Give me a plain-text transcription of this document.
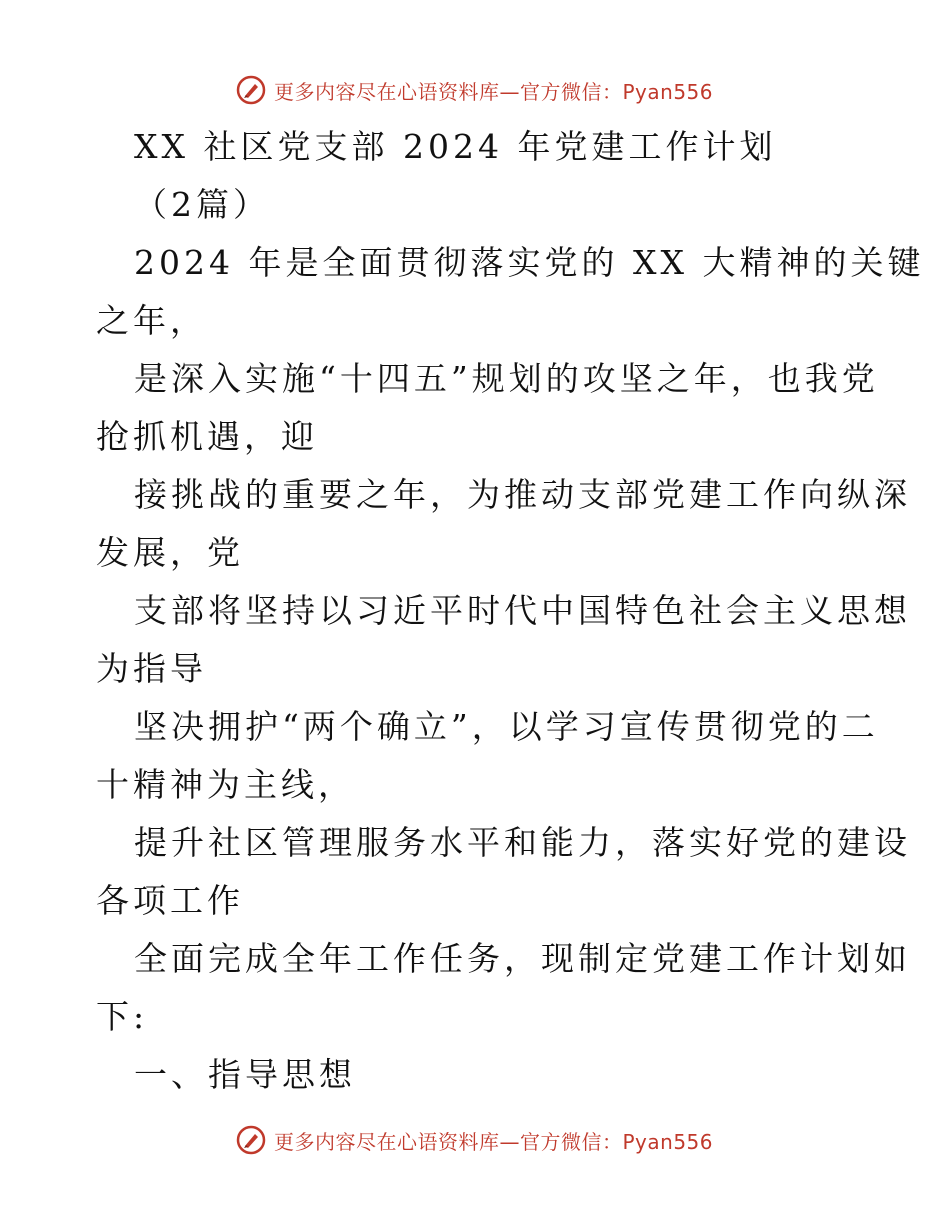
更多内容尽在心语资料库—官方微信：Pyan556
XX 社区党支部 2024 年党建工作计划
（2篇）
2024 年是全面贯彻落实党的 XX 大精神的关键
之年，
是深入实施“十四五”规划的攻坚之年，也我党
抢抓机遇，迎
接挑战的重要之年，为推动支部党建工作向纵深
发展，党
支部将坚持以习近平时代中国特色社会主义思想
为指导
坚决拥护“两个确立”，以学习宣传贯彻党的二
十精神为主线，
提升社区管理服务水平和能力，落实好党的建设
各项工作
全面完成全年工作任务，现制定党建工作计划如
下:
一、指导思想
更多内容尽在心语资料库—官方微信：Pyan556
